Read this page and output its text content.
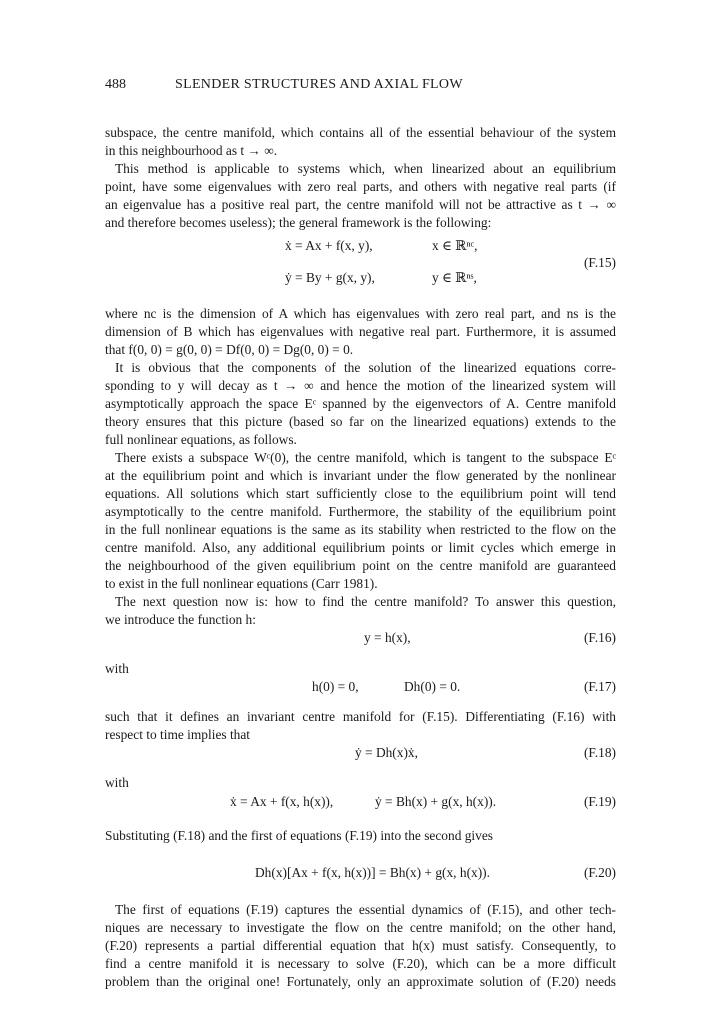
488	SLENDER STRUCTURES AND AXIAL FLOW
subspace, the centre manifold, which contains all of the essential behaviour of the system
in this neighbourhood as t → ∞.
This method is applicable to systems which, when linearized about an equilibrium
point, have some eigenvalues with zero real parts, and others with negative real parts (if
an eigenvalue has a positive real part, the centre manifold will not be attractive as t → ∞
and therefore becomes useless); the general framework is the following:
ẋ = Ax + f(x, y),	x ∈ ℝⁿᶜ,
(F.15)
ẏ = By + g(x, y),	y ∈ ℝⁿˢ,
where nc is the dimension of A which has eigenvalues with zero real part, and ns is the
dimension of B which has eigenvalues with negative real part. Furthermore, it is assumed
that f(0, 0) = g(0, 0) = Df(0, 0) = Dg(0, 0) = 0.
It is obvious that the components of the solution of the linearized equations corre-
sponding to y will decay as t → ∞ and hence the motion of the linearized system will
asymptotically approach the space Eᶜ spanned by the eigenvectors of A. Centre manifold
theory ensures that this picture (based so far on the linearized equations) extends to the
full nonlinear equations, as follows.
There exists a subspace Wᶜ(0), the centre manifold, which is tangent to the subspace Eᶜ
at the equilibrium point and which is invariant under the flow generated by the nonlinear
equations. All solutions which start sufficiently close to the equilibrium point will tend
asymptotically to the centre manifold. Furthermore, the stability of the equilibrium point
in the full nonlinear equations is the same as its stability when restricted to the flow on the
centre manifold. Also, any additional equilibrium points or limit cycles which emerge in
the neighbourhood of the given equilibrium point on the centre manifold are guaranteed
to exist in the full nonlinear equations (Carr 1981).
The next question now is: how to find the centre manifold? To answer this question,
we introduce the function h:
y = h(x),	(F.16)
with
h(0) = 0,	Dh(0) = 0.	(F.17)
such that it defines an invariant centre manifold for (F.15). Differentiating (F.16) with
respect to time implies that
ẏ = Dh(x)ẋ,	(F.18)
with
ẋ = Ax + f(x, h(x)),	ẏ = Bh(x) + g(x, h(x)).	(F.19)
Substituting (F.18) and the first of equations (F.19) into the second gives
Dh(x)[Ax + f(x, h(x))] = Bh(x) + g(x, h(x)).	(F.20)
The first of equations (F.19) captures the essential dynamics of (F.15), and other tech-
niques are necessary to investigate the flow on the centre manifold; on the other hand,
(F.20) represents a partial differential equation that h(x) must satisfy. Consequently, to
find a centre manifold it is necessary to solve (F.20), which can be a more difficult
problem than the original one! Fortunately, only an approximate solution of (F.20) needs
